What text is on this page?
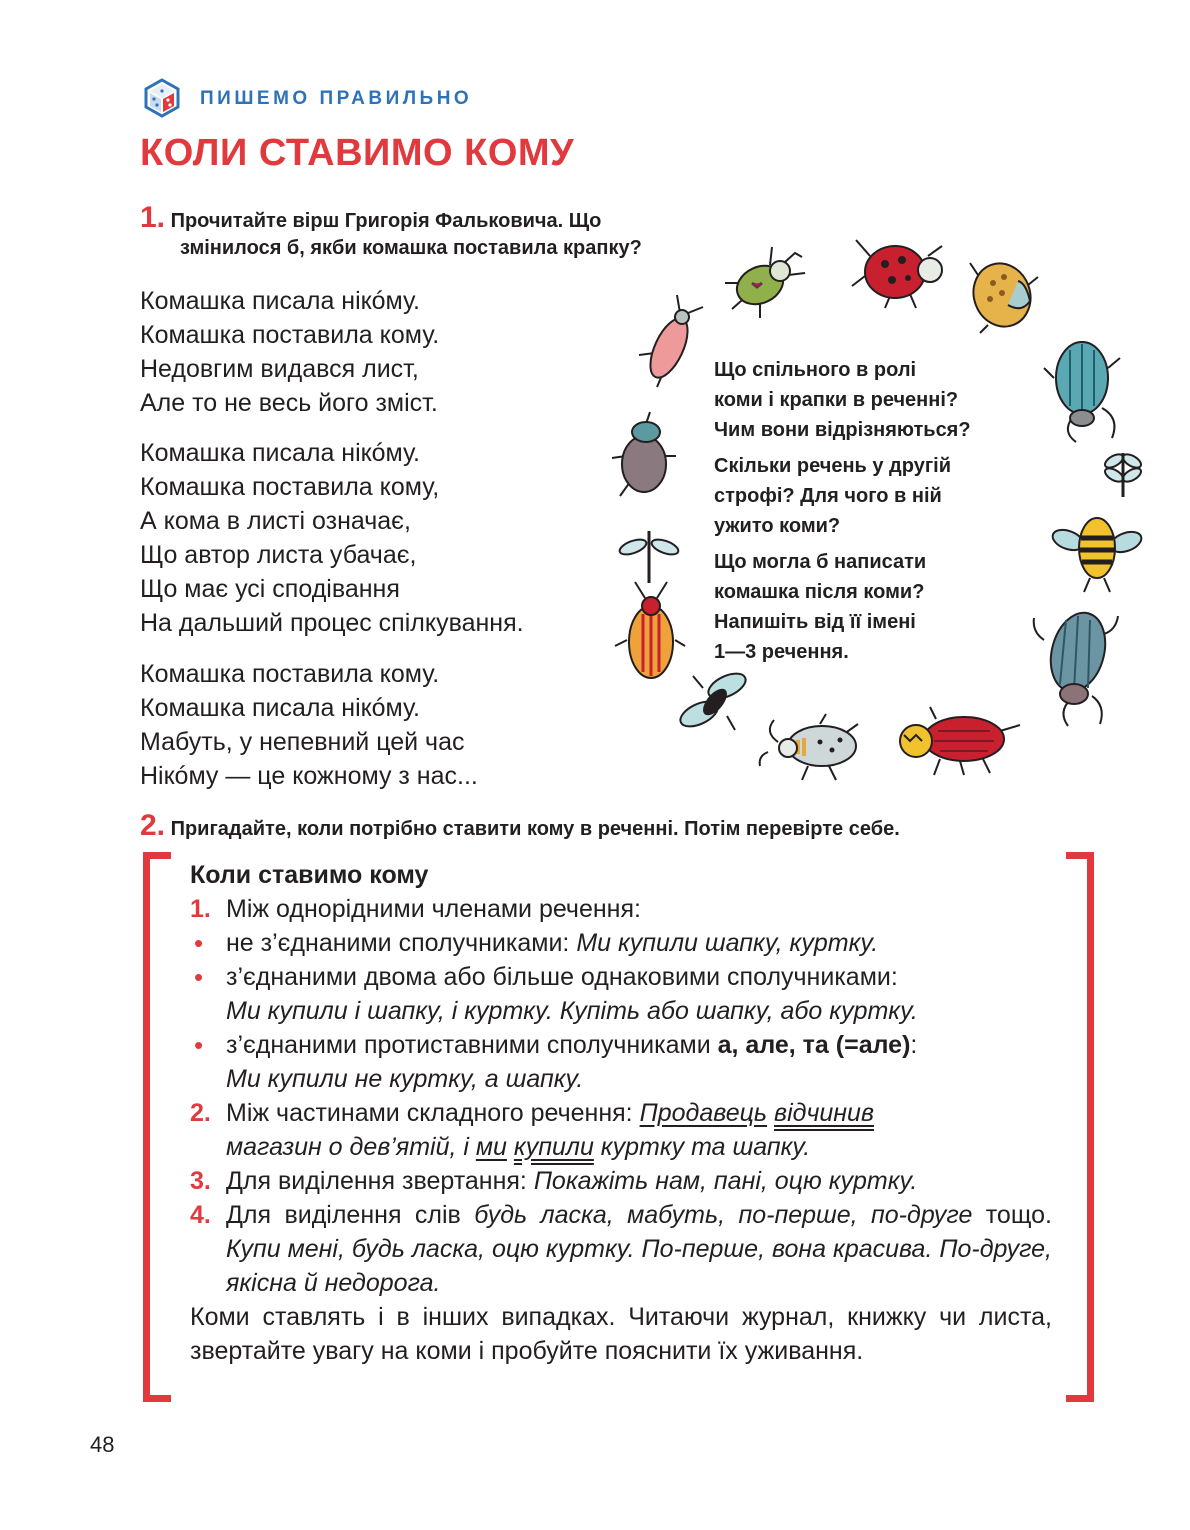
ПИШЕМО ПРАВИЛЬНО
КОЛИ СТАВИМО КОМУ
1. Прочитайте вірш Григорія Фальковича. Що
змінилося б, якби комашка поставила крапку?
Комашка писала нікóму.
Комашка поставила кому.
Недовгим видався лист,
Але то не весь його зміст.
Комашка писала нікóму.
Комашка поставила кому,
А кома в листі означає,
Що автор листа убачає,
Що має усі сподівання
На дальший процес спілкування.
Комашка поставила кому.
Комашка писала нікóму.
Мабуть, у непевний цей час
Нікóму — це кожному з нас...

Що спільного в ролі
коми і крапки в реченні?
Чим вони відрізняються?

Скільки речень у другій
строфі? Для чого в ній
ужито коми?

Що могла б написати
комашка після коми?
Напишіть від її імені
1—3 речення.

2. Пригадайте, коли потрібно ставити кому в реченні. Потім перевірте себе.
Коли ставимо кому
1. Між однорідними членами речення:
• не з’єднаними сполучниками: Ми купили шапку, куртку.
• з’єднаними двома або більше однаковими сполучниками:
Ми купили і шапку, і куртку. Купіть або шапку, або куртку.
• з’єднаними протиставними сполучниками а, але, та (=але):
Ми купили не куртку, а шапку.
2. Між частинами складного речення: Продавець відчинив
магазин о дев’ятій, і ми купили куртку та шапку.
3. Для виділення звертання: Покажіть нам, пані, оцю куртку.
4. Для виділення слів будь ласка, мабуть, по-перше, по-друге тощо. Купи мені, будь ласка, оцю куртку. По-перше, вона красива. По-друге, якісна й недорога.
Коми ставлять і в інших випадках. Читаючи журнал, книжку чи листа, звертайте увагу на коми і пробуйте пояснити їх уживання.
48
